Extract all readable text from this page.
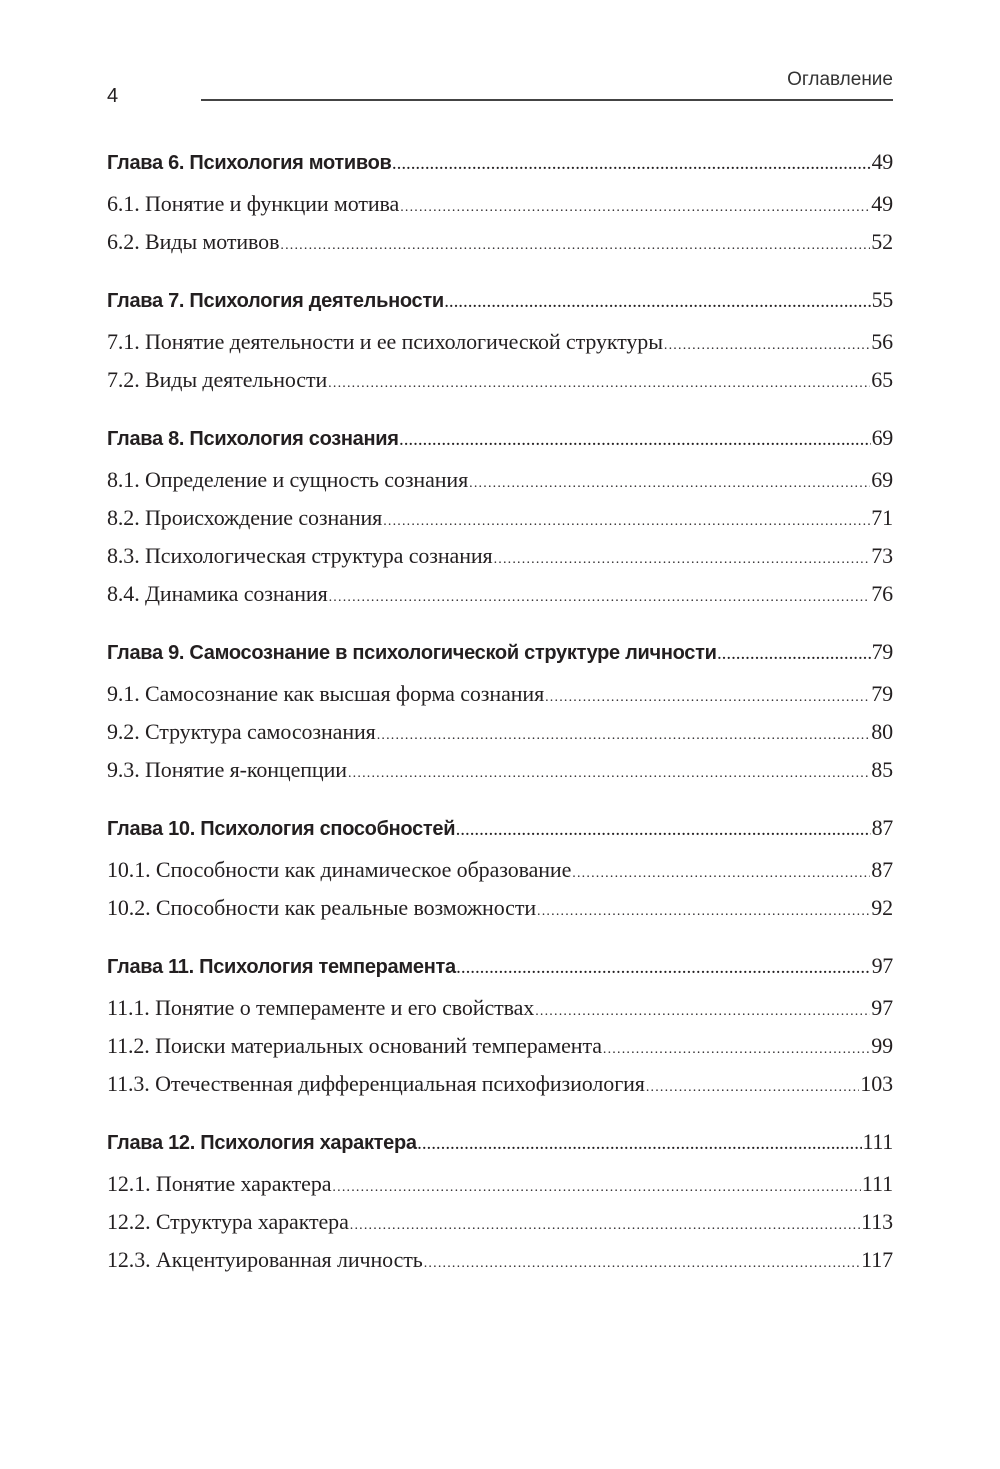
4
Оглавление
Глава 6. Психология мотивов .....	49
6.1. Понятие и функции мотива .....	49
6.2. Виды мотивов .....	52
Глава 7. Психология деятельности .....	55
7.1. Понятие деятельности и ее психологической структуры .....	56
7.2. Виды деятельности .....	65
Глава 8. Психология сознания .....	69
8.1. Определение и сущность сознания .....	69
8.2. Происхождение сознания .....	71
8.3. Психологическая структура сознания .....	73
8.4. Динамика сознания .....	76
Глава 9. Самосознание в психологической структуре личности .....	79
9.1. Самосознание как высшая форма сознания .....	79
9.2. Структура самосознания .....	80
9.3. Понятие я-концепции .....	85
Глава 10. Психология способностей .....	87
10.1. Способности как динамическое образование .....	87
10.2. Способности как реальные возможности .....	92
Глава 11. Психология темперамента .....	97
11.1. Понятие о темпераменте и его свойствах .....	97
11.2. Поиски материальных оснований темперамента .....	99
11.3. Отечественная дифференциальная психофизиология .....	103
Глава 12. Психология характера .....	111
12.1. Понятие характера .....	111
12.2. Структура характера .....	113
12.3. Акцентуированная личность .....	117
